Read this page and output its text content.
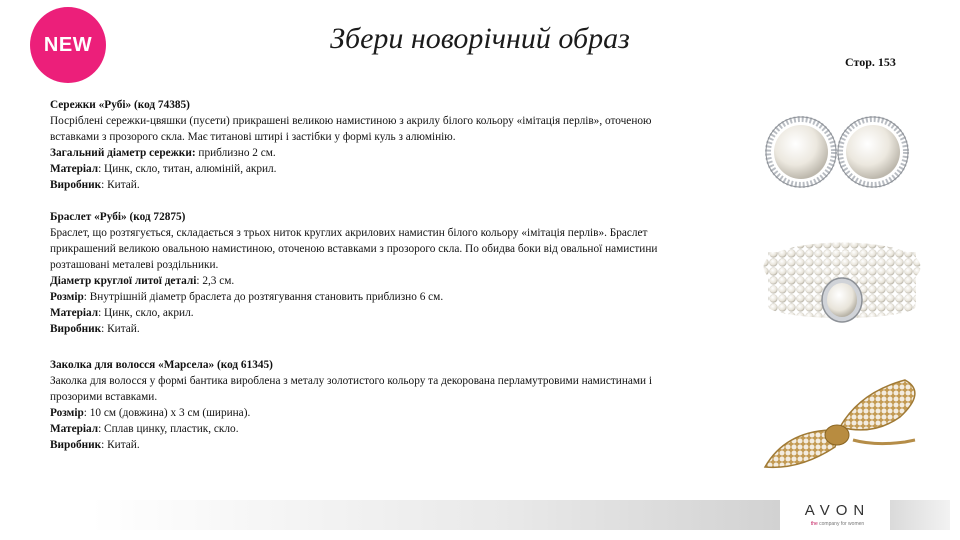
NEW	Збери новорічний образ
Стор. 153

Сережки «Рубі» (код 74385)

Посріблені сережки-цвяшки (пусети) прикрашені великою намистиною з акрилу білого кольору «імітація перлів», оточеною вставками з прозорого скла. Має титанові штирі і застібки у формі куль з алюмінію.

Загальний діаметр сережки: приблизно 2 см.

Матеріал: Цинк, скло, титан, алюміній, акрил.

Виробник: Китай.

Браслет «Рубі» (код 72875)

Браслет, що розтягується, складається з трьох ниток круглих акрилових намистин білого кольору «імітація перлів». Браслет прикрашений великою овальною намистиною, оточеною вставками з прозорого скла. По обидва боки від овальної намистини розташовані металеві роздільники.

Діаметр круглої литої деталі: 2,3 см.

Розмір: Внутрішній діаметр браслета до розтягування становить приблизно 6 см.

Матеріал: Цинк, скло, акрил.

Виробник: Китай.

Заколка для волосся «Марсела» (код 61345)

Заколка для волосся у формі бантика вироблена з металу золотистого кольору та декорована перламутровими намистинами і прозорими вставками.

Розмір: 10 см (довжина) х 3 см (ширина).

Матеріал: Сплав цинку, пластик, скло.

Виробник: Китай.

AVON
the company for women
